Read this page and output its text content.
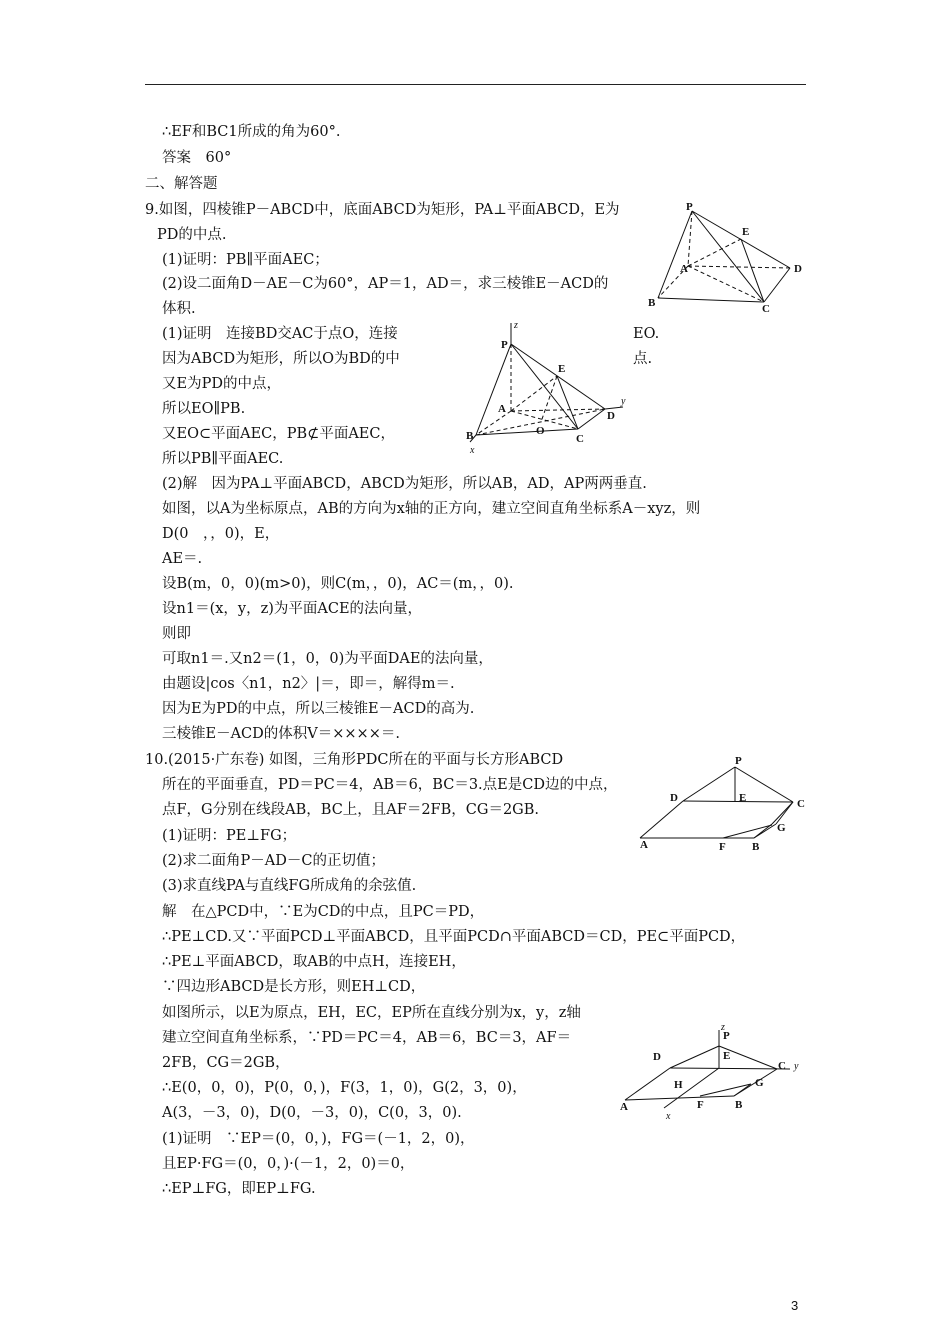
∴EF和BC1所成的角为60°.
答案　60°
二、解答题
9.如图，四棱锥P－ABCD中，底面ABCD为矩形，PA⊥平面ABCD，E为
PD的中点.
(1)证明：PB∥平面AEC；
(2)设二面角D－AE－C为60°，AP＝1，AD＝，求三棱锥E－ACD的
体积.
(1)证明　连接BD交AC于点O，连接	EO.
因为ABCD为矩形，所以O为BD的中	点.
又E为PD的中点，
所以EO∥PB.
又EO⊂平面AEC，PB⊄平面AEC，
所以PB∥平面AEC.
(2)解　因为PA⊥平面ABCD，ABCD为矩形，所以AB，AD，AP两两垂直.
如图，以A为坐标原点，AB的方向为x轴的正方向，建立空间直角坐标系A－xyz，则
D(0　，，0)，E，
AE＝.
设B(m，0，0)(m>0)，则C(m，，0)，AC＝(m，，0).
设n1＝(x，y，z)为平面ACE的法向量，
则即
可取n1＝.又n2＝(1，0，0)为平面DAE的法向量，
由题设|cos〈n1，n2〉|＝，即＝，解得m＝.
因为E为PD的中点，所以三棱锥E－ACD的高为.
三棱锥E－ACD的体积V＝××××＝.
10.(2015·广东卷) 如图，三角形PDC所在的平面与长方形ABCD
所在的平面垂直，PD＝PC＝4，AB＝6，BC＝3.点E是CD边的中点，
点F，G分别在线段AB，BC上，且AF＝2FB，CG＝2GB.
(1)证明：PE⊥FG；
(2)求二面角P－AD－C的正切值；
(3)求直线PA与直线FG所成角的余弦值.
解　在△PCD中，∵E为CD的中点，且PC＝PD，
∴PE⊥CD.又∵平面PCD⊥平面ABCD，且平面PCD∩平面ABCD＝CD，PE⊂平面PCD，
∴PE⊥平面ABCD，取AB的中点H，连接EH，
∵四边形ABCD是长方形，则EH⊥CD，
如图所示，以E为原点，EH，EC，EP所在直线分别为x，y，z轴
建立空间直角坐标系，∵PD＝PC＝4，AB＝6，BC＝3，AF＝
2FB，CG＝2GB，
∴E(0，0，0)，P(0，0，)，F(3，1，0)，G(2，3，0)，
A(3，－3，0)，D(0，－3，0)，C(0，3，0).
(1)证明　∵EP＝(0，0，)，FG＝(－1，2，0)，
且EP·FG＝(0，0，)·(－1，2，0)＝0，
∴EP⊥FG，即EP⊥FG.
P
E
A	D
B	C
z
P
E
A
O
D
y
B
x
C
P
D	E	C
G
A	F B
z
P
D	E
C y
H	G
A
x
F	B
3
